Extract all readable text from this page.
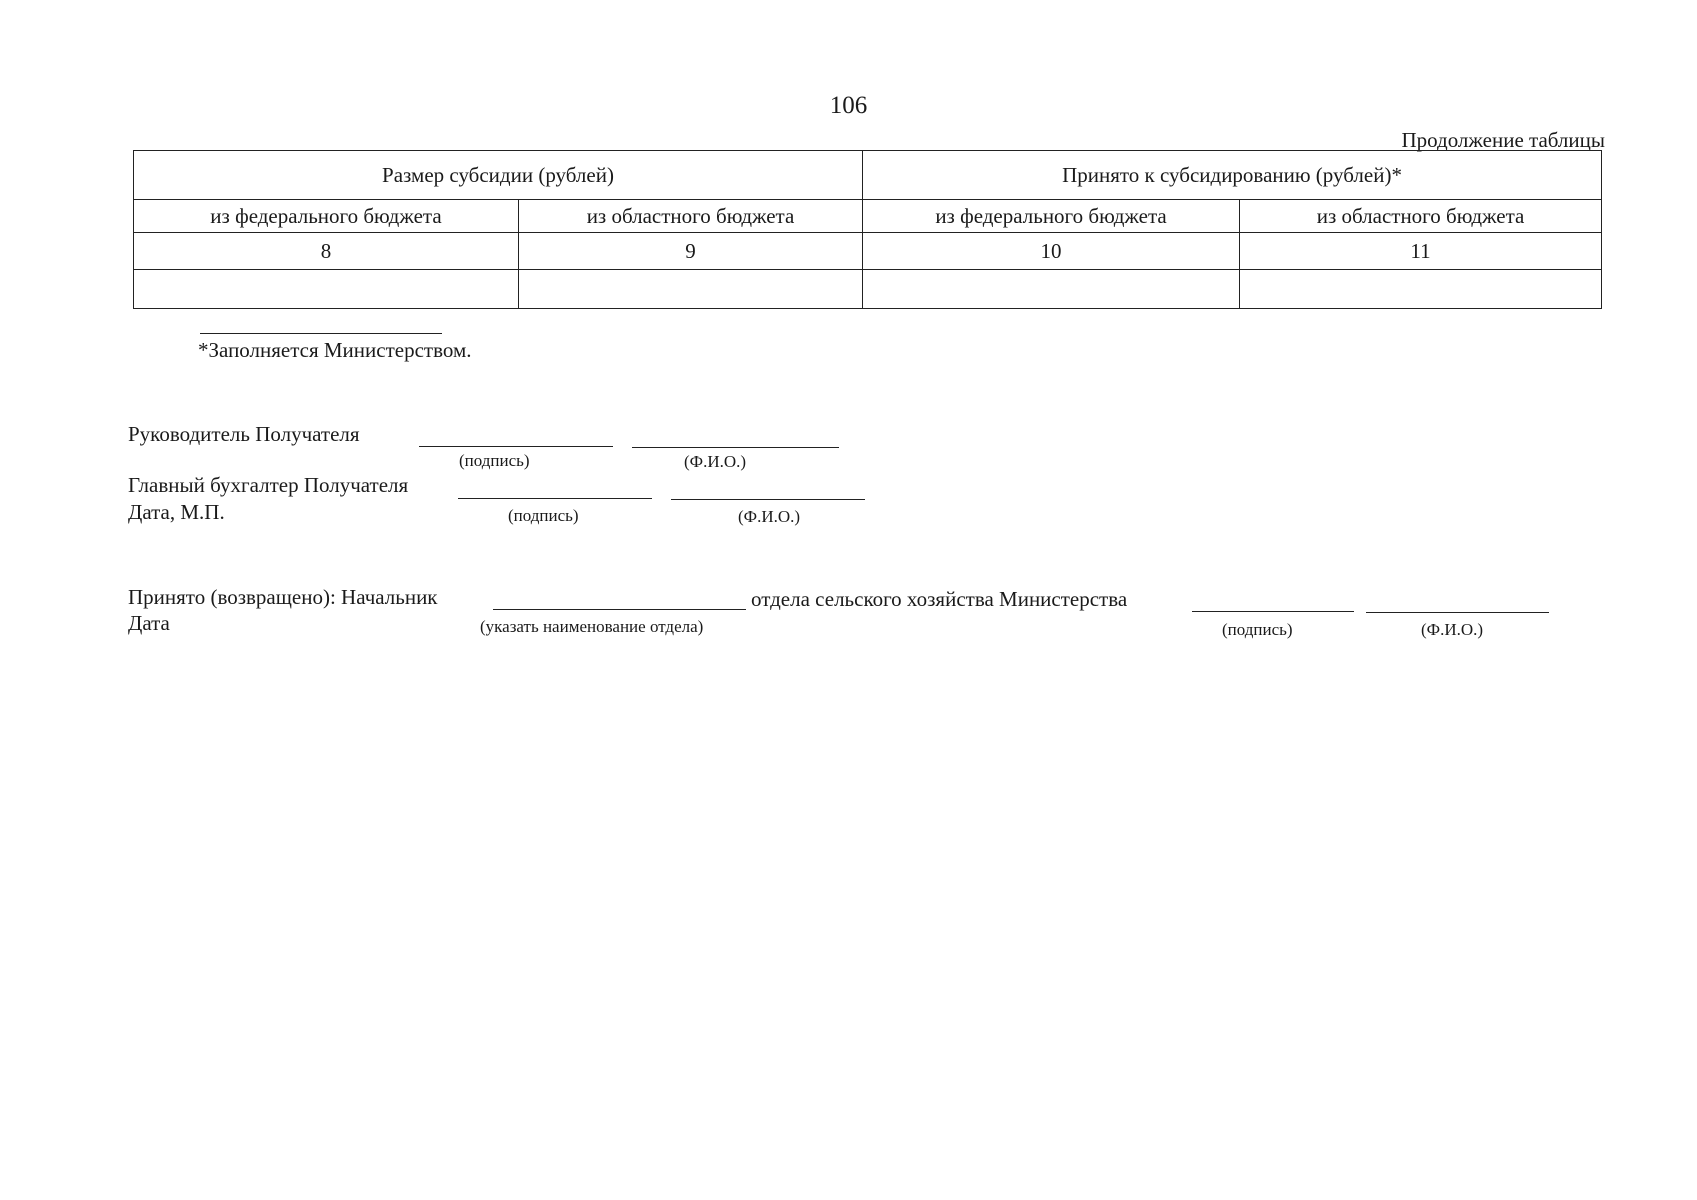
106
Продолжение таблицы
Размер субсидии (рублей)		Принято к субсидированию (рублей)*	
из федерального бюджета	из областного бюджета	из федерального бюджета	из областного бюджета
8	9	10	11

*Заполняется Министерством.
Руководитель Получателя
(подпись)	(Ф.И.О.)
Главный бухгалтер Получателя
Дата, М.П.	(подпись)	(Ф.И.О.)
Принято (возвращено): Начальник	отдела сельского хозяйства Министерства
Дата	(указать наименование отдела)	(подпись)	(Ф.И.О.)
